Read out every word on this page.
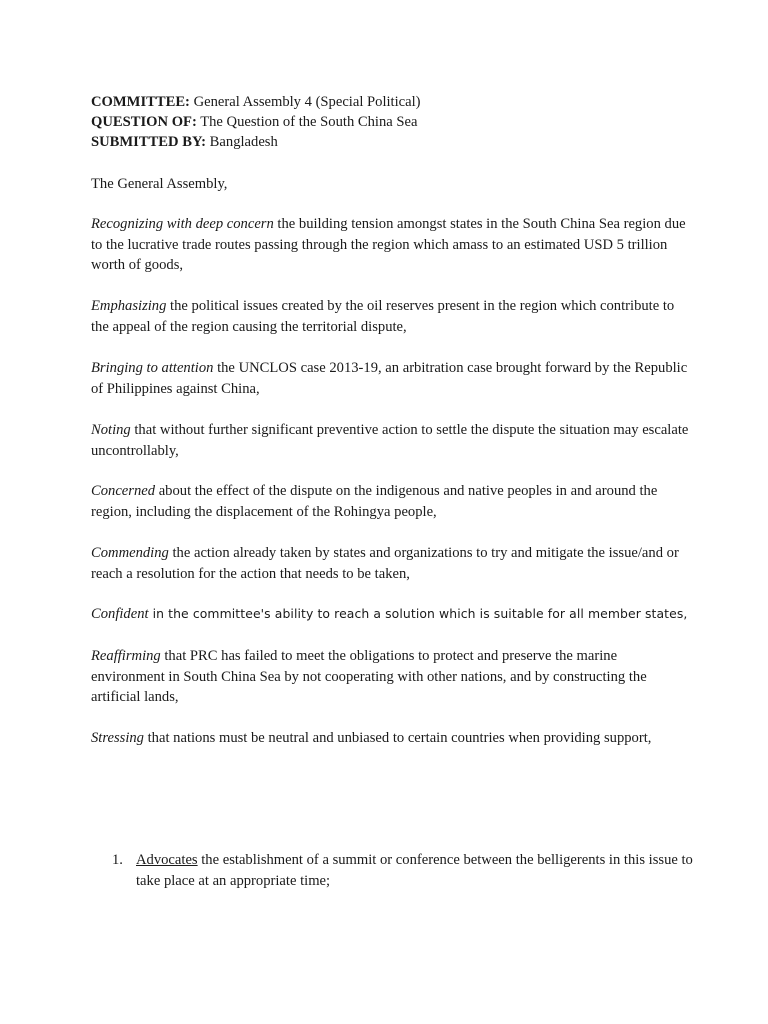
COMMITTEE: General Assembly 4 (Special Political)
QUESTION OF: The Question of the South China Sea
SUBMITTED BY: Bangladesh
The General Assembly,
Recognizing with deep concern the building tension amongst states in the South China Sea region due to the lucrative trade routes passing through the region which amass to an estimated USD 5 trillion worth of goods,
Emphasizing the political issues created by the oil reserves present in the region which contribute to the appeal of the region causing the territorial dispute,
Bringing to attention the UNCLOS case 2013-19, an arbitration case brought forward by the Republic of Philippines against China,
Noting that without further significant preventive action to settle the dispute the situation may escalate uncontrollably,
Concerned about the effect of the dispute on the indigenous and native peoples in and around the region, including the displacement of the Rohingya people,
Commending the action already taken by states and organizations to try and mitigate the issue/and or reach a resolution for the action that needs to be taken,
Confident in the committee's ability to reach a solution which is suitable for all member states,
Reaffirming that PRC has failed to meet the obligations to protect and preserve the marine environment in South China Sea by not cooperating with other nations, and by constructing the artificial lands,
Stressing that nations must be neutral and unbiased to certain countries when providing support,
1. Advocates the establishment of a summit or conference between the belligerents in this issue to take place at an appropriate time;
